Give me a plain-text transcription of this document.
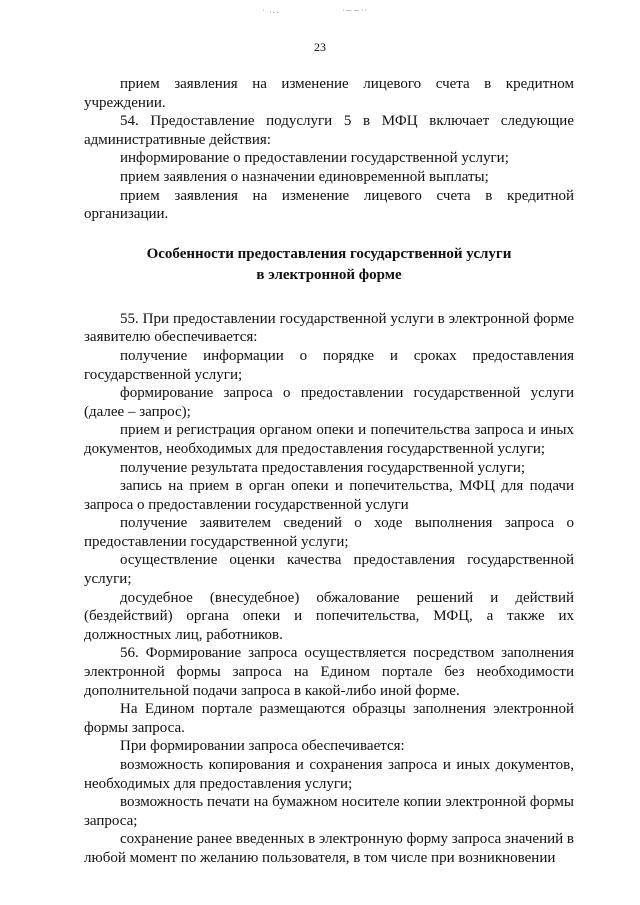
· ...	·~~··
23

прием заявления на изменение лицевого счета в кредитном учреждении.

54. Предоставление подуслуги 5 в МФЦ включает следующие административные действия:

информирование о предоставлении государственной услуги;

прием заявления о назначении единовременной выплаты;

прием заявления на изменение лицевого счета в кредитной организации.

Особенности предоставления государственной услуги
в электронной форме

55. При предоставлении государственной услуги в электронной форме заявителю обеспечивается:

получение информации о порядке и сроках предоставления государственной услуги;

формирование запроса о предоставлении государственной услуги (далее – запрос);

прием и регистрация органом опеки и попечительства запроса и иных документов, необходимых для предоставления государственной услуги;

получение результата предоставления государственной услуги;

запись на прием в орган опеки и попечительства, МФЦ для подачи запроса о предоставлении государственной услуги

получение заявителем сведений о ходе выполнения запроса о предоставлении государственной услуги;

осуществление оценки качества предоставления государственной услуги;

досудебное (внесудебное) обжалование решений и действий (бездействий) органа опеки и попечительства, МФЦ, а также их должностных лиц, работников.

56. Формирование запроса осуществляется посредством заполнения электронной формы запроса на Едином портале без необходимости дополнительной подачи запроса в какой-либо иной форме.

На Едином портале размещаются образцы заполнения электронной формы запроса.

При формировании запроса обеспечивается:

возможность копирования и сохранения запроса и иных документов, необходимых для предоставления услуги;

возможность печати на бумажном носителе копии электронной формы запроса;

сохранение ранее введенных в электронную форму запроса значений в любой момент по желанию пользователя, в том числе при возникновении
